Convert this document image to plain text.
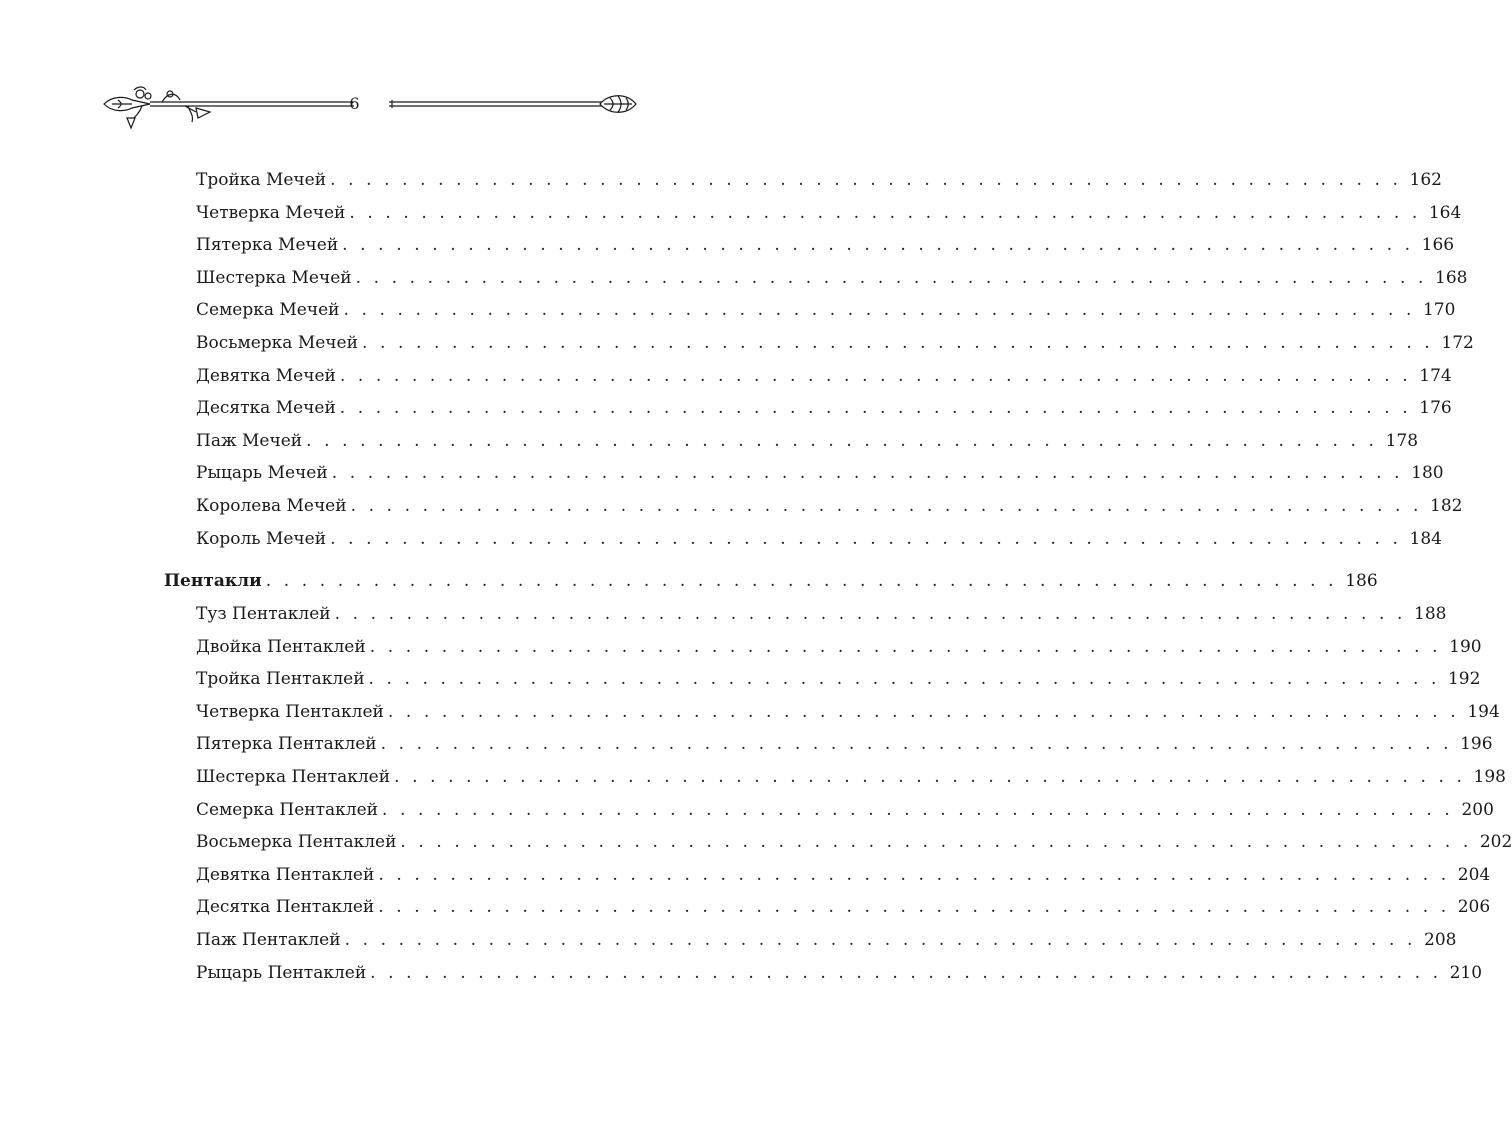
6
Тройка Мечей . . . . . . . . . . . . . . . . . . . . . . . . . . . . . . . . . . . . . . . . . . . . . . . . . . . . . . . . . . . . 162
Четверка Мечей . . . . . . . . . . . . . . . . . . . . . . . . . . . . . . . . . . . . . . . . . . . . . . . . . . . . . . . . . . . . 164
Пятерка Мечей . . . . . . . . . . . . . . . . . . . . . . . . . . . . . . . . . . . . . . . . . . . . . . . . . . . . . . . . . . . . 166
Шестерка Мечей . . . . . . . . . . . . . . . . . . . . . . . . . . . . . . . . . . . . . . . . . . . . . . . . . . . . . . . . . . . . 168
Семерка Мечей . . . . . . . . . . . . . . . . . . . . . . . . . . . . . . . . . . . . . . . . . . . . . . . . . . . . . . . . . . . . 170
Восьмерка Мечей . . . . . . . . . . . . . . . . . . . . . . . . . . . . . . . . . . . . . . . . . . . . . . . . . . . . . . . . . . . . 172
Девятка Мечей . . . . . . . . . . . . . . . . . . . . . . . . . . . . . . . . . . . . . . . . . . . . . . . . . . . . . . . . . . . . 174
Десятка Мечей . . . . . . . . . . . . . . . . . . . . . . . . . . . . . . . . . . . . . . . . . . . . . . . . . . . . . . . . . . . . 176
Паж Мечей . . . . . . . . . . . . . . . . . . . . . . . . . . . . . . . . . . . . . . . . . . . . . . . . . . . . . . . . . . . . 178
Рыцарь Мечей . . . . . . . . . . . . . . . . . . . . . . . . . . . . . . . . . . . . . . . . . . . . . . . . . . . . . . . . . . . . 180
Королева Мечей . . . . . . . . . . . . . . . . . . . . . . . . . . . . . . . . . . . . . . . . . . . . . . . . . . . . . . . . . . . . 182
Король Мечей . . . . . . . . . . . . . . . . . . . . . . . . . . . . . . . . . . . . . . . . . . . . . . . . . . . . . . . . . . . . 184
Пентакли . . . . . . . . . . . . . . . . . . . . . . . . . . . . . . . . . . . . . . . . . . . . . . . . . . . . . . . . . . . . 186
Туз Пентаклей . . . . . . . . . . . . . . . . . . . . . . . . . . . . . . . . . . . . . . . . . . . . . . . . . . . . . . . . . . . . 188
Двойка Пентаклей . . . . . . . . . . . . . . . . . . . . . . . . . . . . . . . . . . . . . . . . . . . . . . . . . . . . . . . . . . . . 190
Тройка Пентаклей . . . . . . . . . . . . . . . . . . . . . . . . . . . . . . . . . . . . . . . . . . . . . . . . . . . . . . . . . . . . 192
Четверка Пентаклей . . . . . . . . . . . . . . . . . . . . . . . . . . . . . . . . . . . . . . . . . . . . . . . . . . . . . . . . . . . . 194
Пятерка Пентаклей . . . . . . . . . . . . . . . . . . . . . . . . . . . . . . . . . . . . . . . . . . . . . . . . . . . . . . . . . . . . 196
Шестерка Пентаклей . . . . . . . . . . . . . . . . . . . . . . . . . . . . . . . . . . . . . . . . . . . . . . . . . . . . . . . . . . . . 198
Семерка Пентаклей . . . . . . . . . . . . . . . . . . . . . . . . . . . . . . . . . . . . . . . . . . . . . . . . . . . . . . . . . . . . 200
Восьмерка Пентаклей . . . . . . . . . . . . . . . . . . . . . . . . . . . . . . . . . . . . . . . . . . . . . . . . . . . . . . . . . . . . 202
Девятка Пентаклей . . . . . . . . . . . . . . . . . . . . . . . . . . . . . . . . . . . . . . . . . . . . . . . . . . . . . . . . . . . . 204
Десятка Пентаклей . . . . . . . . . . . . . . . . . . . . . . . . . . . . . . . . . . . . . . . . . . . . . . . . . . . . . . . . . . . . 206
Паж Пентаклей . . . . . . . . . . . . . . . . . . . . . . . . . . . . . . . . . . . . . . . . . . . . . . . . . . . . . . . . . . . . 208
Рыцарь Пентаклей . . . . . . . . . . . . . . . . . . . . . . . . . . . . . . . . . . . . . . . . . . . . . . . . . . . . . . . . . . . . 210
